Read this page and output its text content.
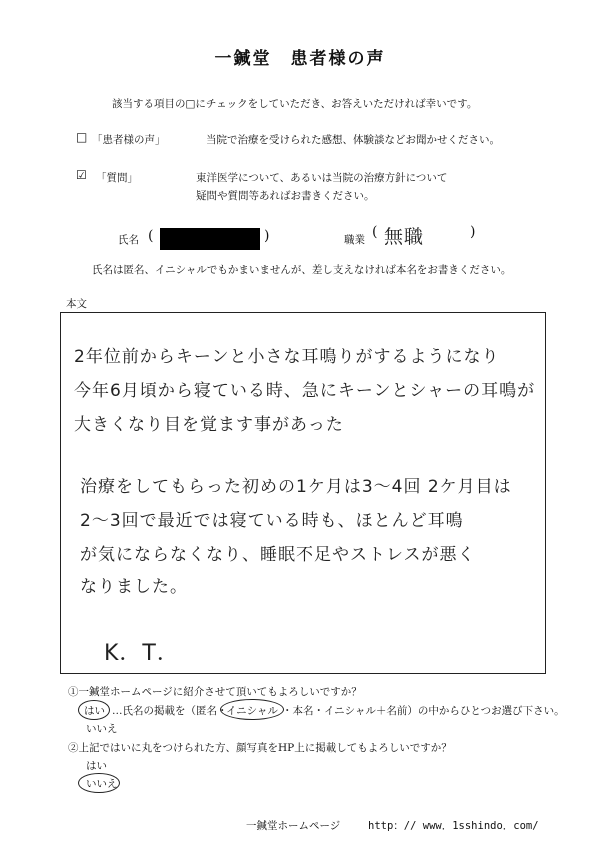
一鍼堂　患者様の声
該当する項目の□にチェックをしていただき、お答えいただければ幸いです。
□ 「患者様の声」	当院で治療を受けられた感想、体験談などお聞かせください。
☑ 「質問」	東洋医学について、あるいは当院の治療方針について
疑問や質問等あればお書きください。
氏名 (	)	職業 ( 無職	)
氏名は匿名、イニシャルでもかまいませんが、差し支えなければ本名をお書きください。
本文
2年位前からキーンと小さな耳鳴りがするようになり
今年6月頃から寝ている時、急にキーンとシャーの耳鳴が
大きくなり目を覚ます事があった
治療をしてもらった初めの1ケ月は3〜4回 2ケ月目は
2〜3回で最近では寝ている時も、ほとんど耳鳴
が気にならなくなり、睡眠不足やストレスが悪く
なりました。
K．T．
①一鍼堂ホームページに紹介させて頂いてもよろしいですか？
はい …氏名の掲載を（匿名・
イニシャル ・本名・イニシャル＋名前）の中からひとつお選び下さい。
いいえ
②上記ではいに丸をつけられた方、顔写真をHP上に掲載してもよろしいですか？
はい
いいえ
一鍼堂ホームページ	http：// www．1sshindo．com/
